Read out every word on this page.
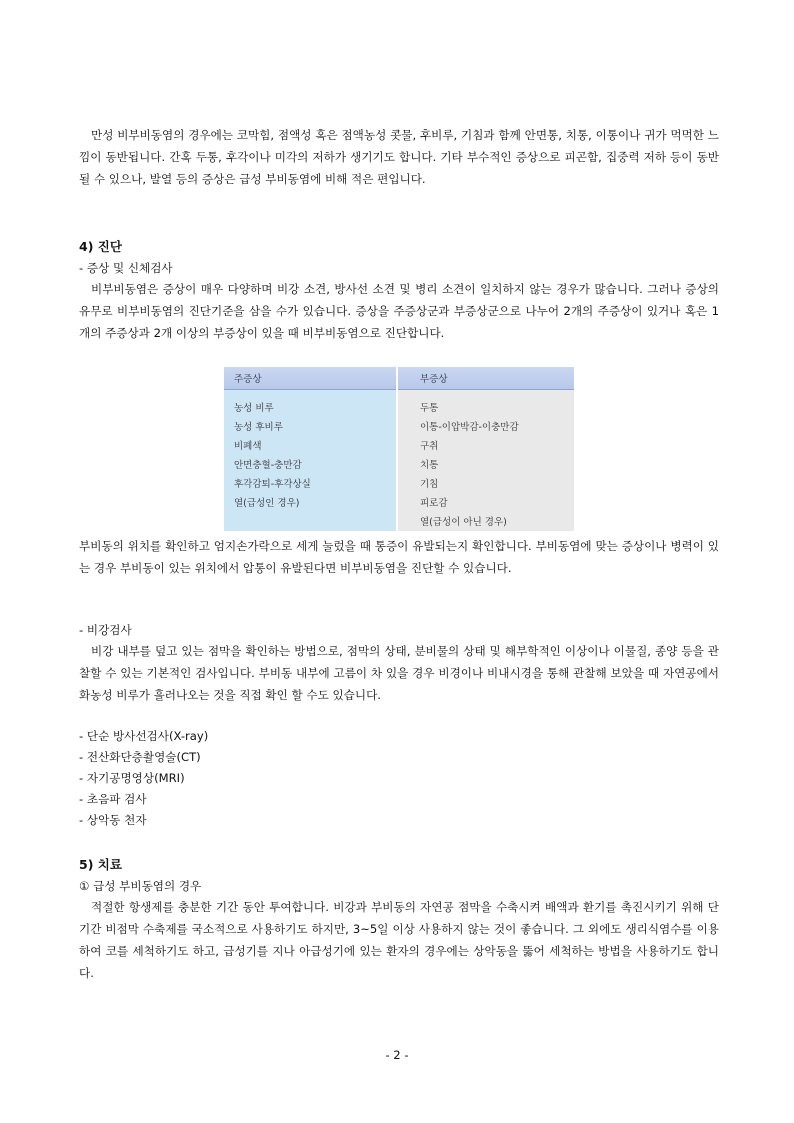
만성 비부비동염의 경우에는 코막힘, 점액성 혹은 점액농성 콧물, 후비루, 기침과 함께 안면통, 치통, 이통이나 귀가 먹먹한 느낌이 동반됩니다. 간혹 두통, 후각이나 미각의 저하가 생기기도 합니다. 기타 부수적인 증상으로 피곤함, 집중력 저하 등이 동반 될 수 있으나, 발열 등의 증상은 급성 부비동염에 비해 적은 편입니다.

4) 진단

- 증상 및 신체검사

비부비동염은 증상이 매우 다양하며 비강 소견, 방사선 소견 및 병리 소견이 일치하지 않는 경우가 많습니다. 그러나 증상의 유무로 비부비동염의 진단기준을 삼을 수가 있습니다. 증상을 주증상군과 부증상군으로 나누어 2개의 주증상이 있거나 혹은 1개의 주증상과 2개 이상의 부증상이 있을 때 비부비동염으로 진단합니다.

주증상	부증상

농성 비루	두통
농성 후비루	이통-이압박감-이충만감
비폐색	구취
안면충혈-충만감	치통
후각감퇴-후각상실	기침
열(급성인 경우)	피로감
	열(급성이 아닌 경우)

부비동의 위치를 확인하고 엄지손가락으로 세게 눌렀을 때 통증이 유발되는지 확인합니다. 부비동염에 맞는 증상이나 병력이 있는 경우 부비동이 있는 위치에서 압통이 유발된다면 비부비동염을 진단할 수 있습니다.

- 비강검사

비강 내부를 덮고 있는 점막을 확인하는 방법으로, 점막의 상태, 분비물의 상태 및 해부학적인 이상이나 이물질, 종양 등을 관찰할 수 있는 기본적인 검사입니다. 부비동 내부에 고름이 차 있을 경우 비경이나 비내시경을 통해 관찰해 보았을 때 자연공에서 화농성 비루가 흘러나오는 것을 직접 확인 할 수도 있습니다.

- 단순 방사선검사(X-ray)
- 전산화단층촬영술(CT)
- 자기공명영상(MRI)
- 초음파 검사
- 상악동 천자

5) 치료

① 급성 부비동염의 경우

적절한 항생제를 충분한 기간 동안 투여합니다. 비강과 부비동의 자연공 점막을 수축시켜 배액과 환기를 촉진시키기 위해 단기간 비점막 수축제를 국소적으로 사용하기도 하지만, 3~5일 이상 사용하지 않는 것이 좋습니다. 그 외에도 생리식염수를 이용하여 코를 세척하기도 하고, 급성기를 지나 아급성기에 있는 환자의 경우에는 상악동을 뚫어 세척하는 방법을 사용하기도 합니다.

- 2 -
